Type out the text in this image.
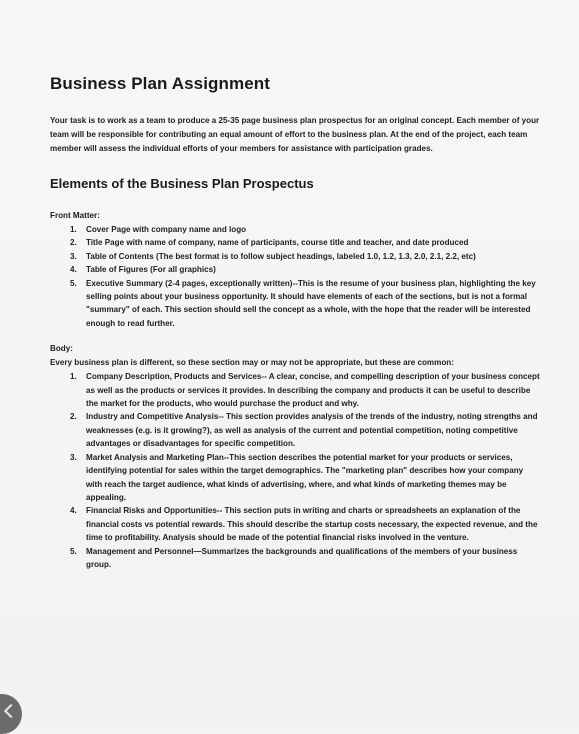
Business Plan Assignment
Your task is to work as a team to produce a 25-35 page business plan prospectus for an original concept. Each member of your team will be responsible for contributing an equal amount of effort to the business plan. At the end of the project, each team member will assess the individual efforts of your members for assistance with participation grades.
Elements of the Business Plan Prospectus
Front Matter:
1. Cover Page with company name and logo
2. Title Page with name of company, name of participants, course title and teacher, and date produced
3. Table of Contents (The best format is to follow subject headings, labeled 1.0, 1.2, 1.3, 2.0, 2.1, 2.2, etc)
4. Table of Figures (For all graphics)
5. Executive Summary (2-4 pages, exceptionally written)--This is the resume of your business plan, highlighting the key selling points about your business opportunity. It should have elements of each of the sections, but is not a formal "summary" of each. This section should sell the concept as a whole, with the hope that the reader will be interested enough to read further.
Body:
Every business plan is different, so these section may or may not be appropriate, but these are common:
1. Company Description, Products and Services-- A clear, concise, and compelling description of your business concept as well as the products or services it provides. In describing the company and products it can be useful to describe the market for the products, who would purchase the product and why.
2. Industry and Competitive Analysis-- This section provides analysis of the trends of the industry, noting strengths and weaknesses (e.g. is it growing?), as well as analysis of the current and potential competition, noting competitive advantages or disadvantages for specific competition.
3. Market Analysis and Marketing Plan--This section describes the potential market for your products or services, identifying potential for sales within the target demographics. The "marketing plan" describes how your company with reach the target audience, what kinds of advertising, where, and what kinds of marketing themes may be appealing.
4. Financial Risks and Opportunities-- This section puts in writing and charts or spreadsheets an explanation of the financial costs vs potential rewards. This should describe the startup costs necessary, the expected revenue, and the time to profitability. Analysis should be made of the potential financial risks involved in the venture.
5. Management and Personnel—Summarizes the backgrounds and qualifications of the members of your business group.
